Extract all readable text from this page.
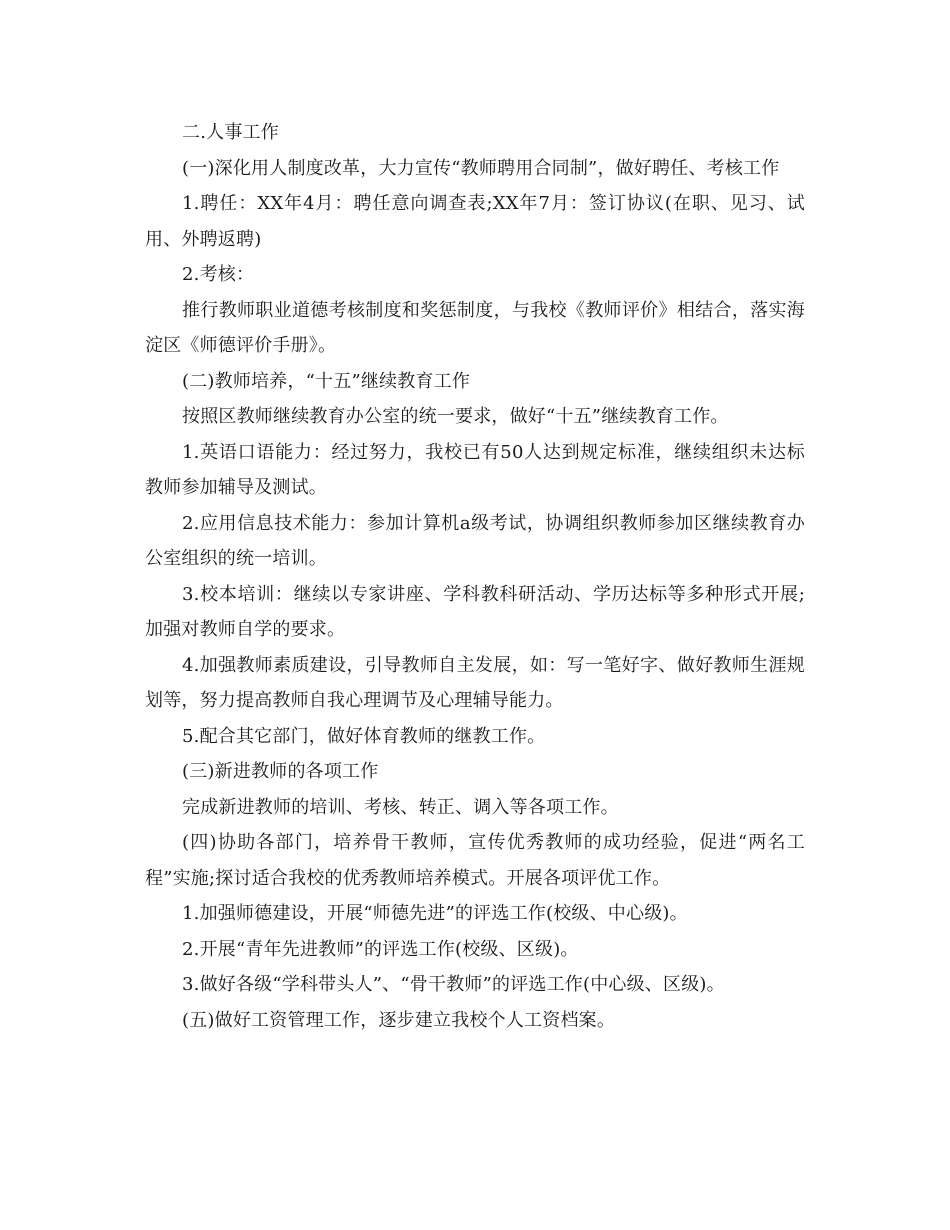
二.人事工作

(一)深化用人制度改革，大力宣传“教师聘用合同制”，做好聘任、考核工作

1.聘任：XX年4月：聘任意向调查表;XX年7月：签订协议(在职、见习、试用、外聘返聘)

2.考核：

推行教师职业道德考核制度和奖惩制度，与我校《教师评价》相结合，落实海淀区《师德评价手册》。

(二)教师培养，“十五”继续教育工作

按照区教师继续教育办公室的统一要求，做好“十五”继续教育工作。

1.英语口语能力：经过努力，我校已有50人达到规定标准，继续组织未达标教师参加辅导及测试。

2.应用信息技术能力：参加计算机a级考试，协调组织教师参加区继续教育办公室组织的统一培训。

3.校本培训：继续以专家讲座、学科教科研活动、学历达标等多种形式开展;加强对教师自学的要求。

4.加强教师素质建设，引导教师自主发展，如：写一笔好字、做好教师生涯规划等，努力提高教师自我心理调节及心理辅导能力。

5.配合其它部门，做好体育教师的继教工作。

(三)新进教师的各项工作

完成新进教师的培训、考核、转正、调入等各项工作。

(四)协助各部门，培养骨干教师，宣传优秀教师的成功经验，促进“两名工程”实施;探讨适合我校的优秀教师培养模式。开展各项评优工作。

1.加强师德建设，开展“师德先进”的评选工作(校级、中心级)。

2.开展“青年先进教师”的评选工作(校级、区级)。

3.做好各级“学科带头人”、“骨干教师”的评选工作(中心级、区级)。

(五)做好工资管理工作，逐步建立我校个人工资档案。
